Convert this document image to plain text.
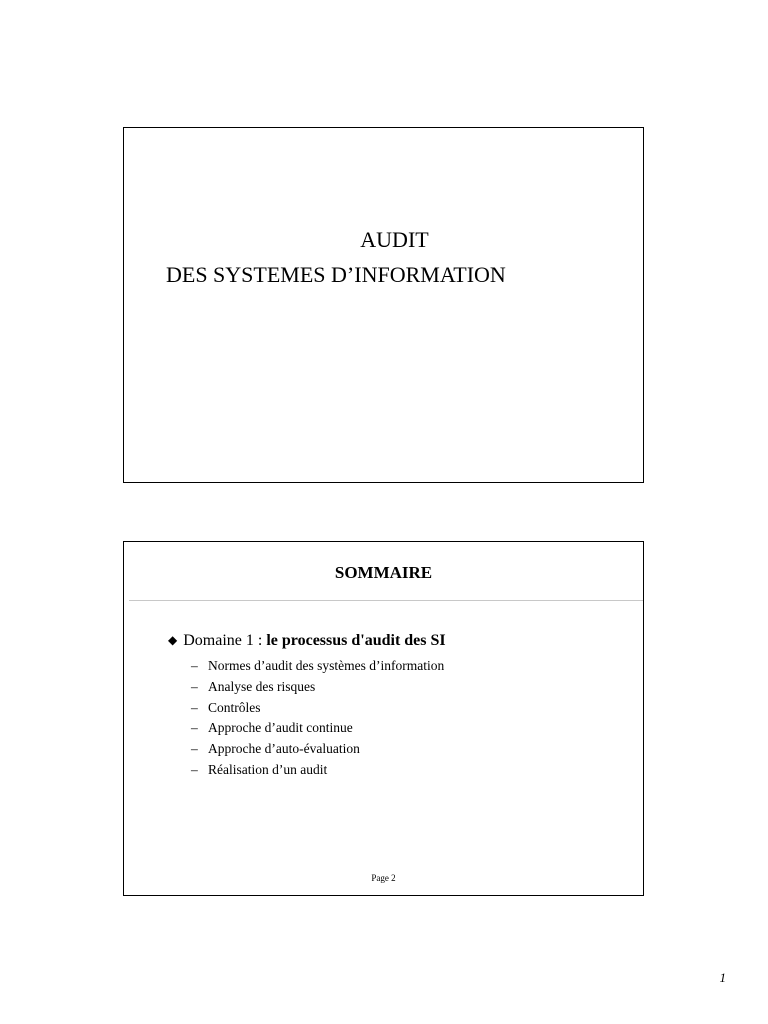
AUDIT
DES SYSTEMES D’INFORMATION
SOMMAIRE
◆ Domaine 1 : le processus d'audit des SI
– Normes d’audit des systèmes d’information
– Analyse des risques
– Contrôles
– Approche d’audit continue
– Approche d’auto-évaluation
– Réalisation d’un audit
Page 2
1
